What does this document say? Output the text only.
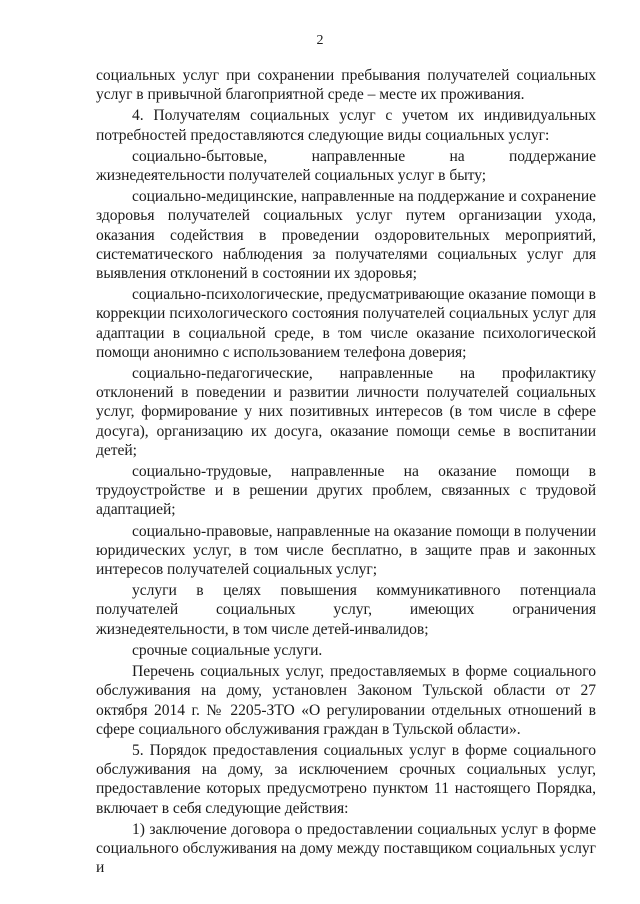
2

социальных услуг при сохранении пребывания получателей социальных услуг в привычной благоприятной среде – месте их проживания.

4. Получателям социальных услуг с учетом их индивидуальных потребностей предоставляются следующие виды социальных услуг:

социально-бытовые, направленные на поддержание жизнедеятельности получателей социальных услуг в быту;

социально-медицинские, направленные на поддержание и сохранение здоровья получателей социальных услуг путем организации ухода, оказания содействия в проведении оздоровительных мероприятий, систематического наблюдения за получателями социальных услуг для выявления отклонений в состоянии их здоровья;

социально-психологические, предусматривающие оказание помощи в коррекции психологического состояния получателей социальных услуг для адаптации в социальной среде, в том числе оказание психологической помощи анонимно с использованием телефона доверия;

социально-педагогические, направленные на профилактику отклонений в поведении и развитии личности получателей социальных услуг, формирование у них позитивных интересов (в том числе в сфере досуга), организацию их досуга, оказание помощи семье в воспитании детей;

социально-трудовые, направленные на оказание помощи в трудоустройстве и в решении других проблем, связанных с трудовой адаптацией;

социально-правовые, направленные на оказание помощи в получении юридических услуг, в том числе бесплатно, в защите прав и законных интересов получателей социальных услуг;

услуги в целях повышения коммуникативного потенциала получателей социальных услуг, имеющих ограничения жизнедеятельности, в том числе детей-инвалидов;

срочные социальные услуги.

Перечень социальных услуг, предоставляемых в форме социального обслуживания на дому, установлен Законом Тульской области от 27 октября 2014 г. № 2205-ЗТО «О регулировании отдельных отношений в сфере социального обслуживания граждан в Тульской области».

5. Порядок предоставления социальных услуг в форме социального обслуживания на дому, за исключением срочных социальных услуг, предоставление которых предусмотрено пунктом 11 настоящего Порядка, включает в себя следующие действия:

1) заключение договора о предоставлении социальных услуг в форме социального обслуживания на дому между поставщиком социальных услуг и
